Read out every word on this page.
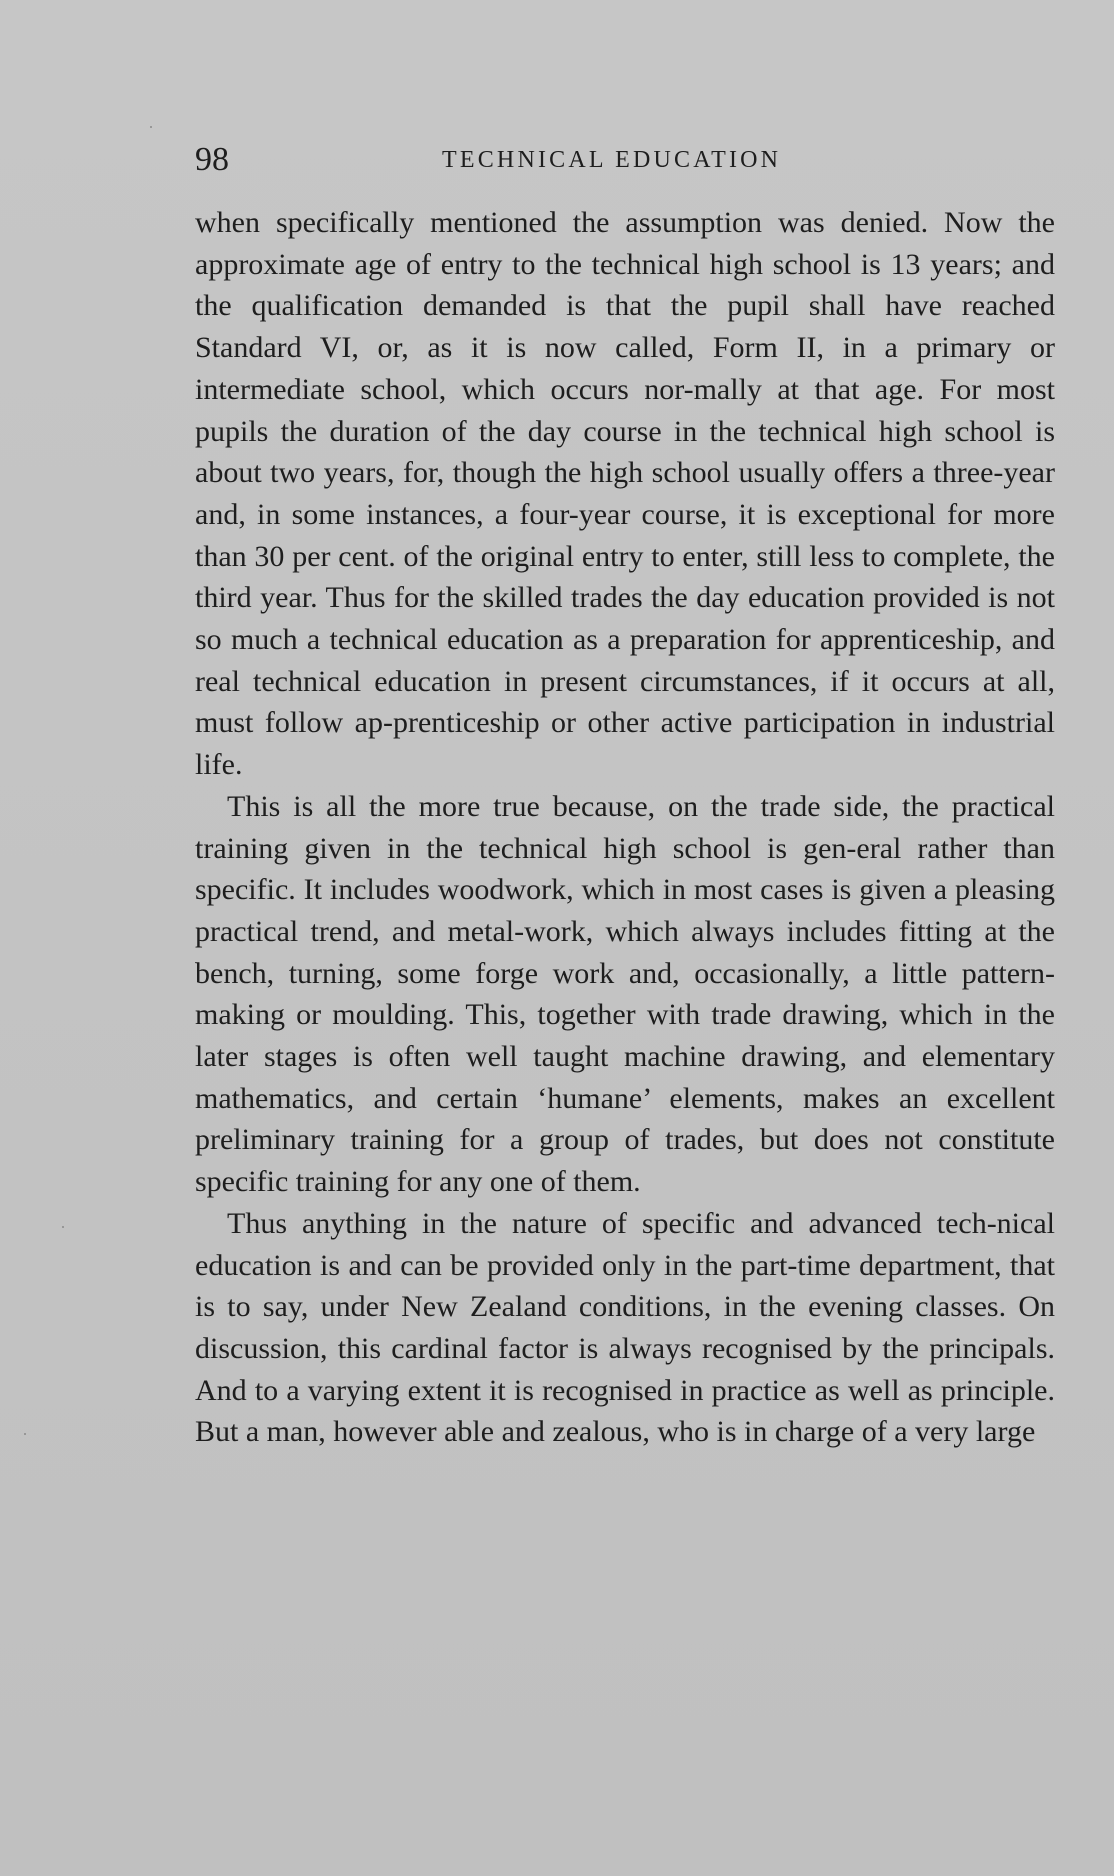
98	TECHNICAL EDUCATION

when specifically mentioned the assumption was denied. Now the approximate age of entry to the technical high school is 13 years; and the qualification demanded is that the pupil shall have reached Standard VI, or, as it is now called, Form II, in a primary or intermediate school, which occurs nor-mally at that age. For most pupils the duration of the day course in the technical high school is about two years, for, though the high school usually offers a three-year and, in some instances, a four-year course, it is exceptional for more than 30 per cent. of the original entry to enter, still less to complete, the third year. Thus for the skilled trades the day education provided is not so much a technical education as a preparation for apprenticeship, and real technical education in present circumstances, if it occurs at all, must follow ap-prenticeship or other active participation in industrial life.

This is all the more true because, on the trade side, the practical training given in the technical high school is gen-eral rather than specific. It includes woodwork, which in most cases is given a pleasing practical trend, and metal-work, which always includes fitting at the bench, turning, some forge work and, occasionally, a little pattern-making or moulding. This, together with trade drawing, which in the later stages is often well taught machine drawing, and elementary mathematics, and certain ‘humane’ elements, makes an excellent preliminary training for a group of trades, but does not constitute specific training for any one of them.

Thus anything in the nature of specific and advanced tech-nical education is and can be provided only in the part-time department, that is to say, under New Zealand conditions, in the evening classes. On discussion, this cardinal factor is always recognised by the principals. And to a varying extent it is recognised in practice as well as principle. But a man, however able and zealous, who is in charge of a very large
